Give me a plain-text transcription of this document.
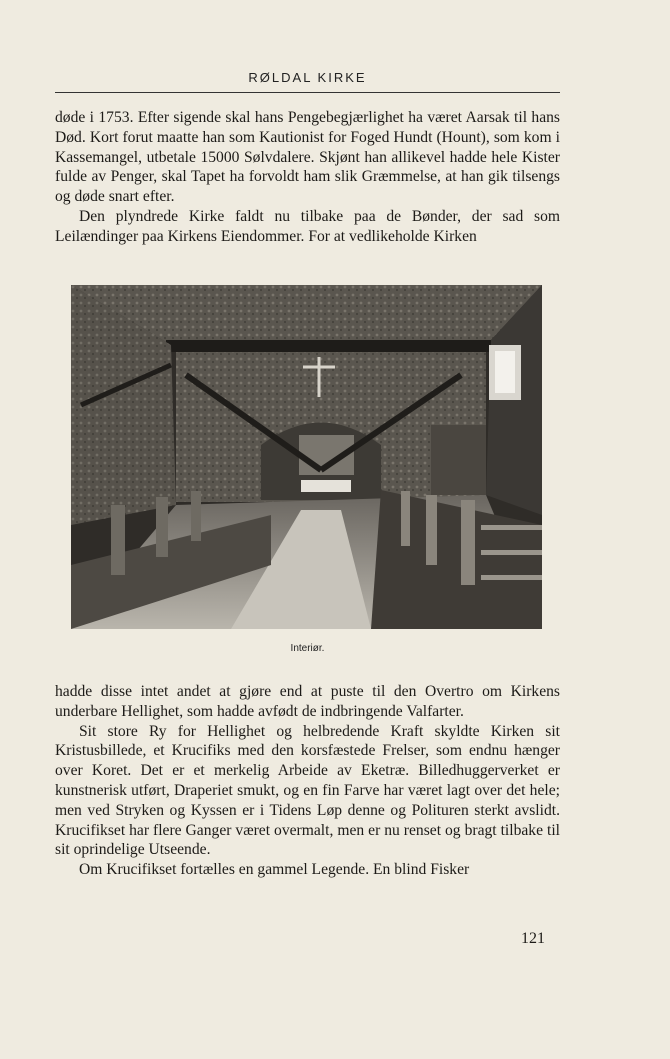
RØLDAL KIRKE

døde i 1753. Efter sigende skal hans Pengebegjærlighet ha været Aarsak til hans Død. Kort forut maatte han som Kautionist for Foged Hundt (Hount), som kom i Kassemangel, utbetale 15000 Sølvdalere. Skjønt han allikevel hadde hele Kister fulde av Penger, skal Tapet ha forvoldt ham slik Græmmelse, at han gik tilsengs og døde snart efter.

Den plyndrede Kirke faldt nu tilbake paa de Bønder, der sad som Leilændinger paa Kirkens Eiendommer. For at vedlikeholde Kirken

Interiør.

hadde disse intet andet at gjøre end at puste til den Overtro om Kirkens underbare Hellighet, som hadde avfødt de indbringende Valfarter.

Sit store Ry for Hellighet og helbredende Kraft skyldte Kirken sit Kristusbillede, et Krucifiks med den korsfæstede Frelser, som endnu hænger over Koret. Det er et merkelig Arbeide av Eketræ. Billedhuggerverket er kunstnerisk utført, Draperiet smukt, og en fin Farve har været lagt over det hele; men ved Stryken og Kyssen er i Tidens Løp denne og Polituren sterkt avslidt. Krucifikset har flere Ganger været overmalt, men er nu renset og bragt tilbake til sit oprindelige Utseende.

Om Krucifikset fortælles en gammel Legende. En blind Fisker

121
